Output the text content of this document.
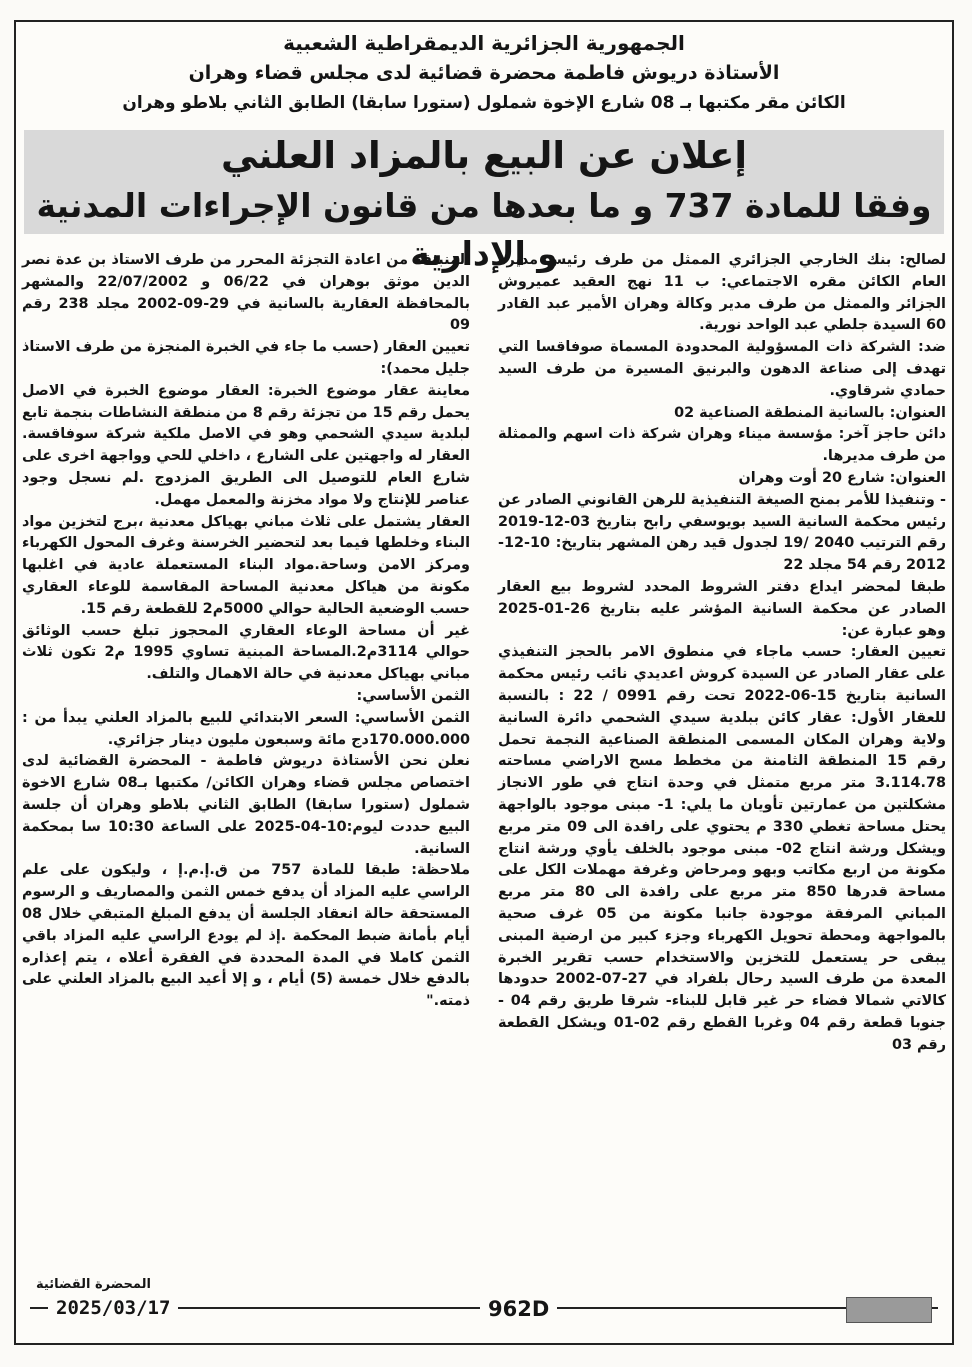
الجمهورية الجزائرية الديمقراطية الشعبية
الأستاذة دريوش فاطمة محضرة قضائية لدى مجلس قضاء وهران
الكائن مقر مكتبها بـ 08 شارع الإخوة شملول (ستورا سابقا) الطابق الثاني بلاطو وهران
إعلان عن البيع بالمزاد العلني
وفقا للمادة 737 و ما بعدها من قانون الإجراءات المدنية و الإدارية

لصالح: بنك الخارجي الجزائري الممثل من طرف رئيس مديره العام الكائن مقره الاجتماعي: ب 11 نهج العقيد عميروش الجزائر والممثل من طرف مدير وكالة وهران الأمير عبد القادر 60 السيدة جلطي عبد الواحد نورية.

ضد: الشركة ذات المسؤولية المحدودة المسماة صوفاقسا التي تهدف إلى صناعة الدهون والبرنيق المسيرة من طرف السيد حمادي شرقاوي.

العنوان: بالسانية المنطقة الصناعية 02

دائن حاجز آخر: مؤسسة ميناء وهران شركة ذات اسهم والممثلة من طرف مديرها.

العنوان: شارع 20 أوت وهران

- وتنفيذا للأمر بمنح الصيغة التنفيذية للرهن القانوني الصادر عن رئيس محكمة السانية السيد بويوسفي رابح بتاريخ 03-12-2019 رقم الترتيب 2040 /19 لجدول قيد رهن المشهر بتاريخ: 10-12-2012 رقم 54 مجلد 22

طبقا لمحضر ايداع دفتر الشروط المحدد لشروط بيع العقار الصادر عن محكمة السانية المؤشر عليه بتاريخ 26-01-2025 وهو عبارة عن:

تعيين العقار: حسب ماجاء في منطوق الامر بالحجز التنفيذي على عقار الصادر عن السيدة كروش اعديدي نائب رئيس محكمة السانية بتاريخ 15-06-2022 تحت رقم 0991 / 22 : بالنسبة للعقار الأول: عقار كائن ببلدية سيدي الشحمي دائرة السانية ولاية وهران المكان المسمى المنطقة الصناعية النجمة تحمل رقم 15 المنطقة الثامنة من مخطط مسح الاراضي مساحته 3.114.78 متر مربع متمثل في وحدة انتاج في طور الانجاز مشكلتين من عمارتين تأويان ما يلي: 1- مبنى موجود بالواجهة يحتل مساحة تغطي 330 م يحتوي على رافدة الى 09 متر مربع ويشكل ورشة انتاج 02- مبنى موجود بالخلف يأوي ورشة انتاج مكونة من اربع مكاتب وبهو ومرحاض وغرفة مهملات الكل على مساحة قدرها 850 متر مربع على رافدة الى 80 متر مربع المباني المرفقة موجودة جانبا مكونة من 05 غرف صحية بالمواجهة ومحطة تحويل الكهرباء وجزء كبير من ارضية المبنى يبقى حر يستعمل للتخزين والاستخدام حسب تقرير الخبرة المعدة من طرف السيد رحال بلفراد في 27-07-2002 حدودها كالاتي شمالا فضاء حر غير قابل للبناء- شرقا طريق رقم 04 - جنوبا قطعة رقم 04 وغربا القطع رقم 02-01 ويشكل القطعة رقم 03

المنبثقة من اعادة التجزئة المحرر من طرف الاستاذ بن عدة نصر الدين موثق بوهران في 06/22 و 22/07/2002 والمشهر بالمحافظة العقارية بالسانية في 29-09-2002 مجلد 238 رقم 09

تعيين العقار (حسب ما جاء في الخبرة المنجزة من طرف الاستاذ جليل محمد):

معاينة عقار موضوع الخبرة: العقار موضوع الخبرة في الاصل يحمل رقم 15 من تجزئة رقم 8 من منطقة النشاطات بنجمة تابع لبلدية سيدي الشحمي وهو في الاصل ملكية شركة سوفاقسة. العقار له واجهتين على الشارع ، داخلي للحي وواجهة اخرى على شارع العام للتوصيل الى الطريق المزدوج .لم نسجل وجود عناصر للإنتاج ولا مواد مخزنة والمعمل مهمل.

العقار يشتمل على ثلاث مباني بهياكل معدنية ،برج لتخزين مواد البناء وخلطها فيما بعد لتحضير الخرسنة وغرف المحول الكهرباء ومركز الامن وساحة.مواد البناء المستعملة عادية في اغلبها مكونة من هياكل معدنية المساحة المقاسمة للوعاء العقاري حسب الوضعية الحالية حوالي 5000م2 للقطعة رقم 15.

غير أن مساحة الوعاء العقاري المحجوز تبلغ حسب الوثائق حوالي 3114م2.المساحة المبنية تساوي 1995 م2 تكون ثلاث مباني بهياكل معدنية في حالة الاهمال والتلف.

الثمن الأساسي:

الثمن الأساسي: السعر الابتدائي للبيع بالمزاد العلني يبدأ من : 170.000.000دج مائة وسبعون مليون دينار جزائري.

نعلن نحن الأستاذة دريوش فاطمة - المحضرة القضائية لدى اختصاص مجلس قضاء وهران الكائن/ مكتبها بـ08 شارع الاخوة شملول (ستورا سابقا) الطابق الثاني بلاطو وهران أن جلسة البيع حددت ليوم:10-04-2025 على الساعة 10:30 سا بمحكمة السانية.

ملاحظة: طبقا للمادة 757 من ق.إ.م.إ ، وليكون على علم الراسي عليه المزاد أن يدفع خمس الثمن والمصاريف و الرسوم المستحقة حالة انعقاد الجلسة أن يدفع المبلغ المتبقي خلال 08 أيام بأمانة ضبط المحكمة .إذ لم يودع الراسي عليه المزاد باقي الثمن كاملا في المدة المحددة في الفقرة أعلاه ، يتم إعذاره بالدفع خلال خمسة (5) أيام ، و إلا أعيد البيع بالمزاد العلني على ذمته."

المحضرة القضائية
2025/03/17	962D
